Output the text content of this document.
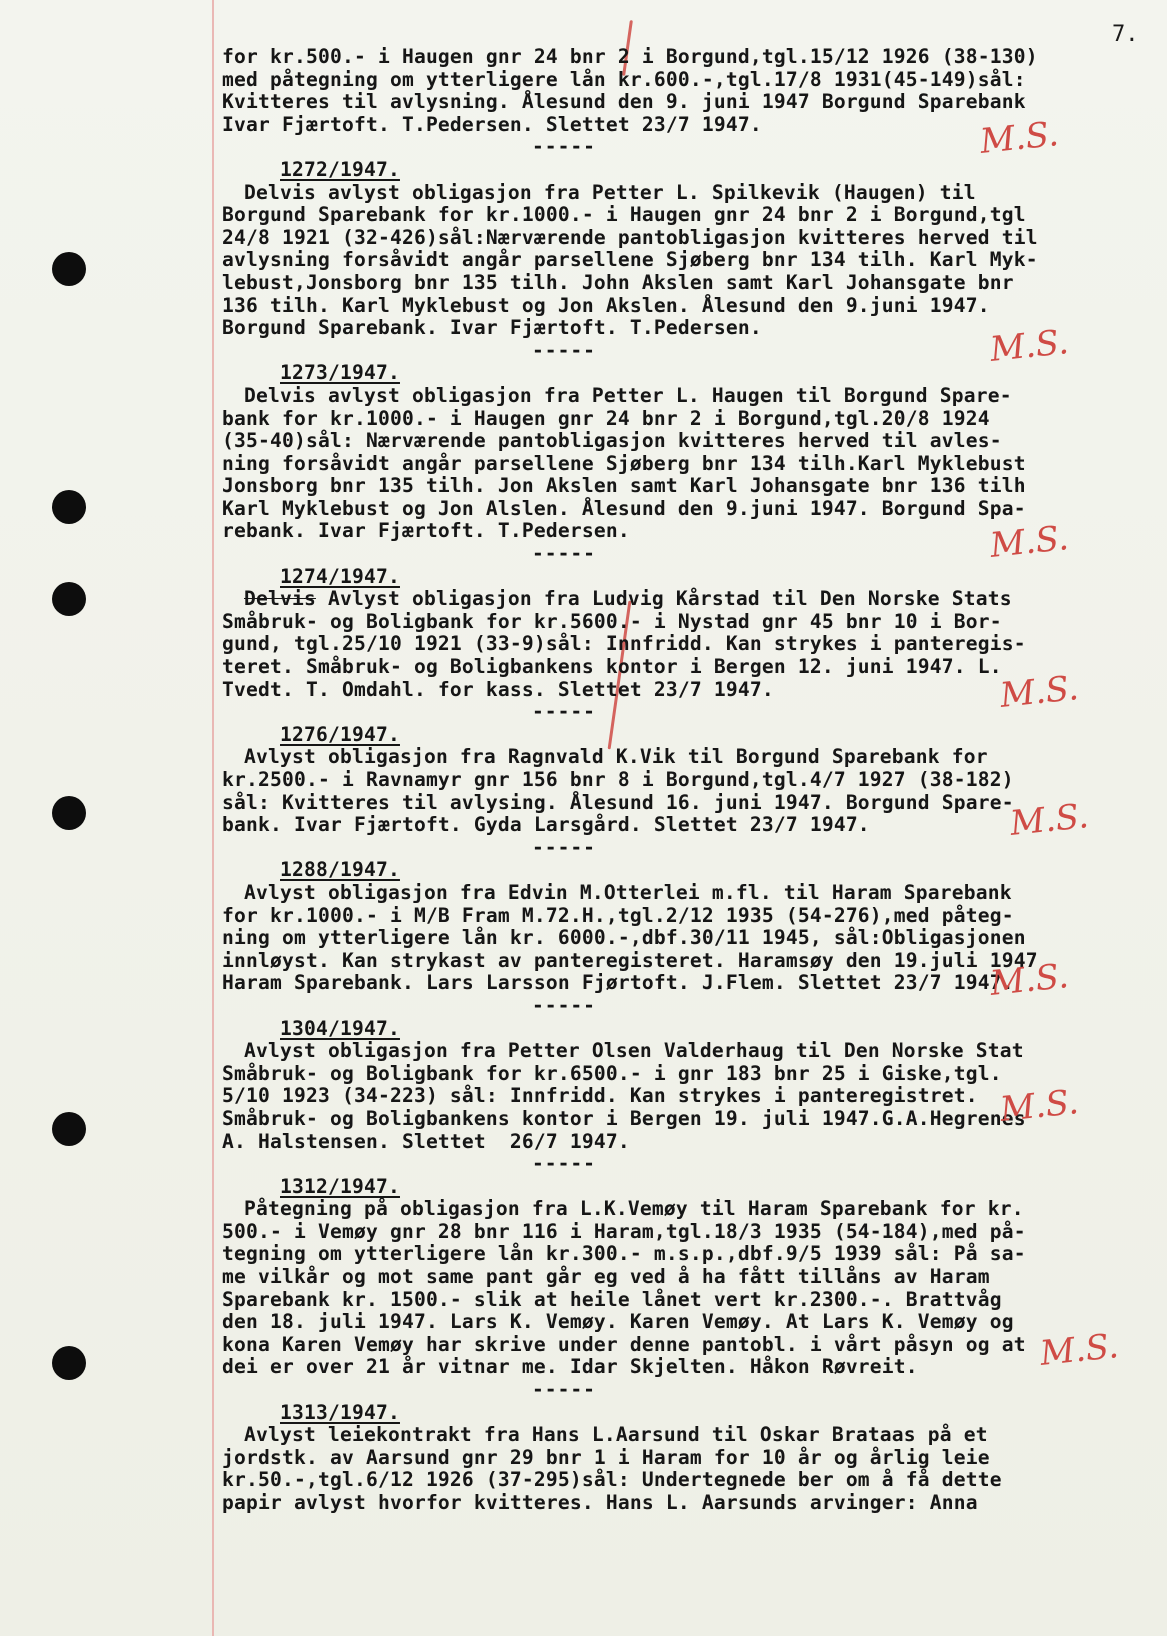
7.
for kr.500.- i Haugen gnr 24 bnr 2 i Borgund,tgl.15/12 1926 (38-130)
med påtegning om ytterligere lån kr.600.-,tgl.17/8 1931(45-149)sål:
Kvitteres til avlysning. Ålesund den 9. juni 1947 Borgund Sparebank
Ivar Fjærtoft. T.Pedersen. Slettet 23/7 1947.
-----
1272/1947.
Delvis avlyst obligasjon fra Petter L. Spilkevik (Haugen) til
Borgund Sparebank for kr.1000.- i Haugen gnr 24 bnr 2 i Borgund,tgl
24/8 1921 (32-426)sål:Nærværende pantobligasjon kvitteres herved til
avlysning forsåvidt angår parsellene Sjøberg bnr 134 tilh. Karl Myk-
lebust,Jonsborg bnr 135 tilh. John Akslen samt Karl Johansgate bnr
136 tilh. Karl Myklebust og Jon Akslen. Ålesund den 9.juni 1947.
Borgund Sparebank. Ivar Fjærtoft. T.Pedersen.
-----
1273/1947.
Delvis avlyst obligasjon fra Petter L. Haugen til Borgund Spare-
bank for kr.1000.- i Haugen gnr 24 bnr 2 i Borgund,tgl.20/8 1924
(35-40)sål: Nærværende pantobligasjon kvitteres herved til avles-
ning forsåvidt angår parsellene Sjøberg bnr 134 tilh.Karl Myklebust
Jonsborg bnr 135 tilh. Jon Akslen samt Karl Johansgate bnr 136 tilh
Karl Myklebust og Jon Alslen. Ålesund den 9.juni 1947. Borgund Spa-
rebank. Ivar Fjærtoft. T.Pedersen.
-----
1274/1947.
Delvis Avlyst obligasjon fra Ludvig Kårstad til Den Norske Stats
Småbruk- og Boligbank for kr.5600.- i Nystad gnr 45 bnr 10 i Bor-
gund, tgl.25/10 1921 (33-9)sål: Innfridd. Kan strykes i panteregis-
teret. Småbruk- og Boligbankens kontor i Bergen 12. juni 1947. L.
Tvedt. T. Omdahl. for kass. Slettet 23/7 1947.
-----
1276/1947.
Avlyst obligasjon fra Ragnvald K.Vik til Borgund Sparebank for
kr.2500.- i Ravnamyr gnr 156 bnr 8 i Borgund,tgl.4/7 1927 (38-182)
sål: Kvitteres til avlysing. Ålesund 16. juni 1947. Borgund Spare-
bank. Ivar Fjærtoft. Gyda Larsgård. Slettet 23/7 1947.
-----
1288/1947.
Avlyst obligasjon fra Edvin M.Otterlei m.fl. til Haram Sparebank
for kr.1000.- i M/B Fram M.72.H.,tgl.2/12 1935 (54-276),med påteg-
ning om ytterligere lån kr. 6000.-,dbf.30/11 1945, sål:Obligasjonen
innløyst. Kan strykast av panteregisteret. Haramsøy den 19.juli 1947
Haram Sparebank. Lars Larsson Fjørtoft. J.Flem. Slettet 23/7 1947.
-----
1304/1947.
Avlyst obligasjon fra Petter Olsen Valderhaug til Den Norske Stat
Småbruk- og Boligbank for kr.6500.- i gnr 183 bnr 25 i Giske,tgl.
5/10 1923 (34-223) sål: Innfridd. Kan strykes i panteregistret.
Småbruk- og Boligbankens kontor i Bergen 19. juli 1947.G.A.Hegrenes
A. Halstensen. Slettet  26/7 1947.
-----
1312/1947.
Påtegning på obligasjon fra L.K.Vemøy til Haram Sparebank for kr.
500.- i Vemøy gnr 28 bnr 116 i Haram,tgl.18/3 1935 (54-184),med på-
tegning om ytterligere lån kr.300.- m.s.p.,dbf.9/5 1939 sål: På sa-
me vilkår og mot same pant går eg ved å ha fått tillåns av Haram
Sparebank kr. 1500.- slik at heile lånet vert kr.2300.-. Brattvåg
den 18. juli 1947. Lars K. Vemøy. Karen Vemøy. At Lars K. Vemøy og
kona Karen Vemøy har skrive under denne pantobl. i vårt påsyn og at
dei er over 21 år vitnar me. Idar Skjelten. Håkon Røvreit.
-----
1313/1947.
Avlyst leiekontrakt fra Hans L.Aarsund til Oskar Brataas på et
jordstk. av Aarsund gnr 29 bnr 1 i Haram for 10 år og årlig leie
kr.50.-,tgl.6/12 1926 (37-295)sål: Undertegnede ber om å få dette
papir avlyst hvorfor kvitteres. Hans L. Aarsunds arvinger: Anna
M.S.
M.S.
M.S.
M.S.
M.S.
M.S.
M.S.
M.S.
